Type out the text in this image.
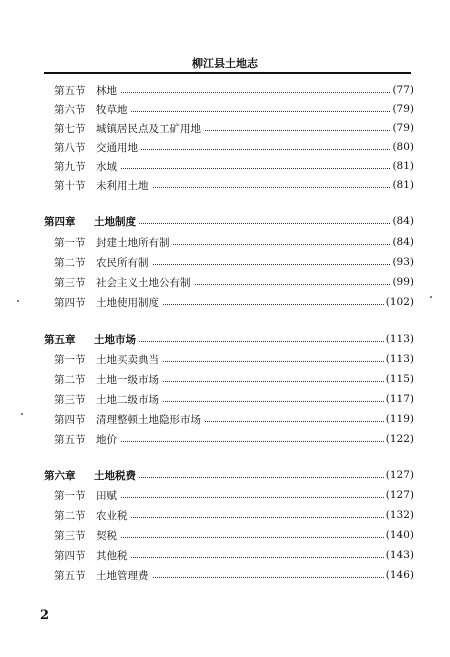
柳江县土地志
第五节	林地	(77)
第六节	牧草地	(79)
第七节	城镇居民点及工矿用地	(79)
第八节	交通用地	(80)
第九节	水域	(81)
第十节	未利用土地	(81)
第四章	土地制度	(84)
第一节	封建土地所有制	(84)
第二节	农民所有制	(93)
第三节	社会主义土地公有制	(99)
第四节	土地使用制度	(102)
第五章	土地市场	(113)
第一节	土地买卖典当	(113)
第二节	土地一级市场	(115)
第三节	土地二级市场	(117)
第四节	清理整顿土地隐形市场	(119)
第五节	地价	(122)
第六章	土地税费	(127)
第一节	田赋	(127)
第二节	农业税	(132)
第三节	契税	(140)
第四节	其他税	(143)
第五节	土地管理费	(146)
2
